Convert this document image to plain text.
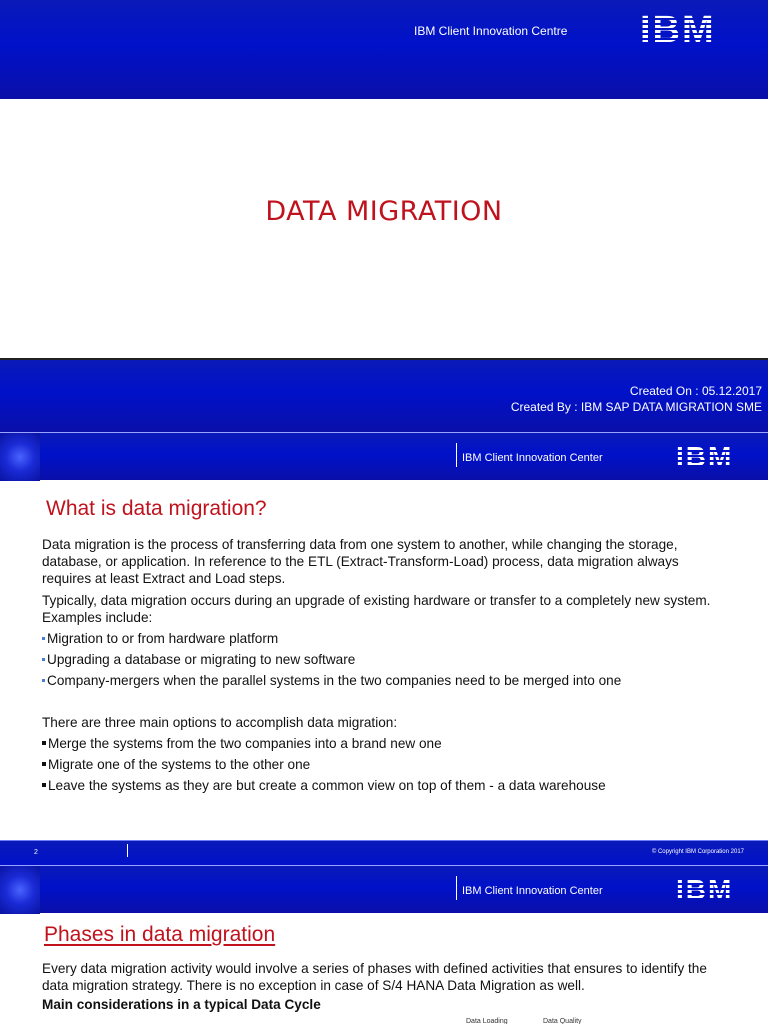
IBM Client Innovation Centre IBM
DATA MIGRATION
Created On : 05.12.2017
Created By : IBM SAP DATA MIGRATION SME
IBM Client Innovation Center	IBM
What is data migration?
Data migration is the process of transferring data from one system to another, while changing the storage, database, or application. In reference to the ETL (Extract-Transform-Load) process, data migration always requires at least Extract and Load steps.
Typically, data migration occurs during an upgrade of existing hardware or transfer to a completely new system. Examples include:
Migration to or from hardware platform
Upgrading a database or migrating to new software
Company-mergers when the parallel systems in the two companies need to be merged into one
There are three main options to accomplish data migration:
Merge the systems from the two companies into a brand new one
Migrate one of the systems to the other one
Leave the systems as they are but create a common view on top of them - a data warehouse
2	© Copyright IBM Corporation 2017
IBM Client Innovation Center	IBM
Phases in data migration
Every data migration activity would involve a series of phases with defined activities that ensures to identify the data migration strategy. There is no exception in case of S/4 HANA Data Migration as well.
Main considerations in a typical Data Cycle
Data Loading	Data Quality
